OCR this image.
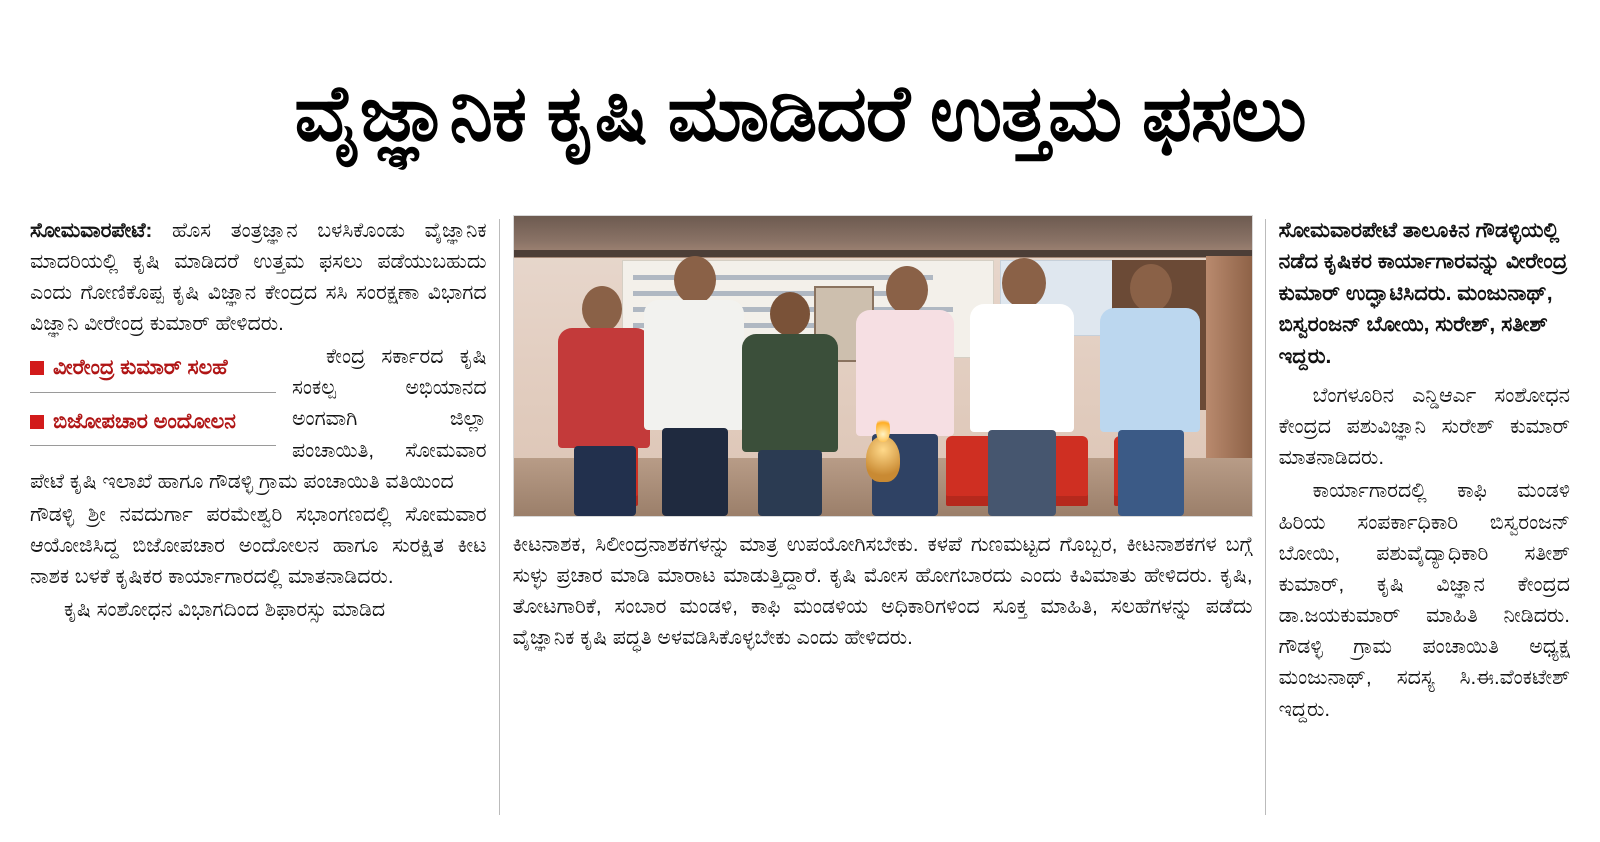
ವೈಜ್ಞಾನಿಕ ಕೃಷಿ ಮಾಡಿದರೆ ಉತ್ತಮ ಫಸಲು

ಸೋಮವಾರಪೇಟೆ: ಹೊಸ ತಂತ್ರಜ್ಞಾನ ಬಳಸಿಕೊಂಡು ವೈಜ್ಞಾನಿಕ ಮಾದರಿಯಲ್ಲಿ ಕೃಷಿ ಮಾಡಿದರೆ ಉತ್ತಮ ಫಸಲು ಪಡೆಯುಬಹುದು ಎಂದು ಗೋಣಿಕೊಪ್ಪ ಕೃಷಿ ವಿಜ್ಞಾನ ಕೇಂದ್ರದ ಸಸಿ ಸಂರಕ್ಷಣಾ ವಿಭಾಗದ ವಿಜ್ಞಾನಿ ವೀರೇಂದ್ರ ಕುಮಾರ್ ಹೇಳಿದರು.

ವೀರೇಂದ್ರ ಕುಮಾರ್ ಸಲಹೆ
ಬಿಜೋಪಚಾರ ಅಂದೋಲನ

ಕೇಂದ್ರ ಸರ್ಕಾರದ ಕೃಷಿ ಸಂಕಲ್ಪ ಅಭಿಯಾನದ ಅಂಗವಾಗಿ ಜಿಲ್ಲಾ ಪಂಚಾಯಿತಿ, ಸೋಮವಾರ ಪೇಟೆ ಕೃಷಿ ಇಲಾಖೆ ಹಾಗೂ ಗೌಡಳ್ಳಿ ಗ್ರಾಮ ಪಂಚಾಯಿತಿ ವತಿಯಿಂದ

ಗೌಡಳ್ಳಿ ಶ್ರೀ ನವದುರ್ಗಾ ಪರಮೇಶ್ವರಿ ಸಭಾಂಗಣದಲ್ಲಿ ಸೋಮವಾರ ಆಯೋಜಿಸಿದ್ದ ಬಿಜೋಪಚಾರ ಅಂದೋಲನ ಹಾಗೂ ಸುರಕ್ಷಿತ ಕೀಟ ನಾಶಕ ಬಳಕೆ ಕೃಷಿಕರ ಕಾರ್ಯಾಗಾರದಲ್ಲಿ ಮಾತನಾಡಿದರು.

ಕೃಷಿ ಸಂಶೋಧನ ವಿಭಾಗದಿಂದ ಶಿಫಾರಸ್ಸು ಮಾಡಿದ

ಕೀಟನಾಶಕ, ಸಿಲೀಂದ್ರನಾಶಕಗಳನ್ನು ಮಾತ್ರ ಉಪಯೋಗಿಸಬೇಕು. ಕಳಪೆ ಗುಣಮಟ್ಟದ ಗೊಬ್ಬರ, ಕೀಟನಾಶಕಗಳ ಬಗ್ಗೆ ಸುಳ್ಳು ಪ್ರಚಾರ ಮಾಡಿ ಮಾರಾಟ ಮಾಡುತ್ತಿದ್ದಾರೆ. ಕೃಷಿ ಮೋಸ ಹೋಗಬಾರದು ಎಂದು ಕಿವಿಮಾತು ಹೇಳಿದರು. ಕೃಷಿ, ತೋಟಗಾರಿಕೆ, ಸಂಬಾರ ಮಂಡಳಿ, ಕಾಫಿ ಮಂಡಳಿಯ ಅಧಿಕಾರಿಗಳಿಂದ ಸೂಕ್ತ ಮಾಹಿತಿ, ಸಲಹೆಗಳನ್ನು ಪಡೆದು ವೈಜ್ಞಾನಿಕ ಕೃಷಿ ಪದ್ಧತಿ ಅಳವಡಿಸಿಕೊಳ್ಳಬೇಕು ಎಂದು ಹೇಳಿದರು.

ಸೋಮವಾರಪೇಟೆ ತಾಲೂಕಿನ ಗೌಡಳ್ಳಿಯಲ್ಲಿ ನಡೆದ ಕೃಷಿಕರ ಕಾರ್ಯಾಗಾರವನ್ನು ವೀರೇಂದ್ರ ಕುಮಾರ್ ಉದ್ಘಾಟಿಸಿದರು. ಮಂಜುನಾಥ್, ಬಿಸ್ವರಂಜನ್ ಬೋಯಿ, ಸುರೇಶ್, ಸತೀಶ್ ಇದ್ದರು.

ಬೆಂಗಳೂರಿನ ಎನ್ಡಿಆರ್ಎ ಸಂಶೋಧನ ಕೇಂದ್ರದ ಪಶುವಿಜ್ಞಾನಿ ಸುರೇಶ್ ಕುಮಾರ್ ಮಾತನಾಡಿದರು.

ಕಾರ್ಯಾಗಾರದಲ್ಲಿ ಕಾಫಿ ಮಂಡಳಿ ಹಿರಿಯ ಸಂಪರ್ಕಾಧಿಕಾರಿ ಬಿಸ್ವರಂಜನ್ ಬೋಯಿ, ಪಶುವೈದ್ಯಾಧಿಕಾರಿ ಸತೀಶ್ ಕುಮಾರ್, ಕೃಷಿ ವಿಜ್ಞಾನ ಕೇಂದ್ರದ ಡಾ.ಜಯಕುಮಾರ್ ಮಾಹಿತಿ ನೀಡಿದರು. ಗೌಡಳ್ಳಿ ಗ್ರಾಮ ಪಂಚಾಯಿತಿ ಅಧ್ಯಕ್ಷ ಮಂಜುನಾಥ್, ಸದಸ್ಯ ಸಿ.ಈ.ವೆಂಕಟೇಶ್ ಇದ್ದರು.
